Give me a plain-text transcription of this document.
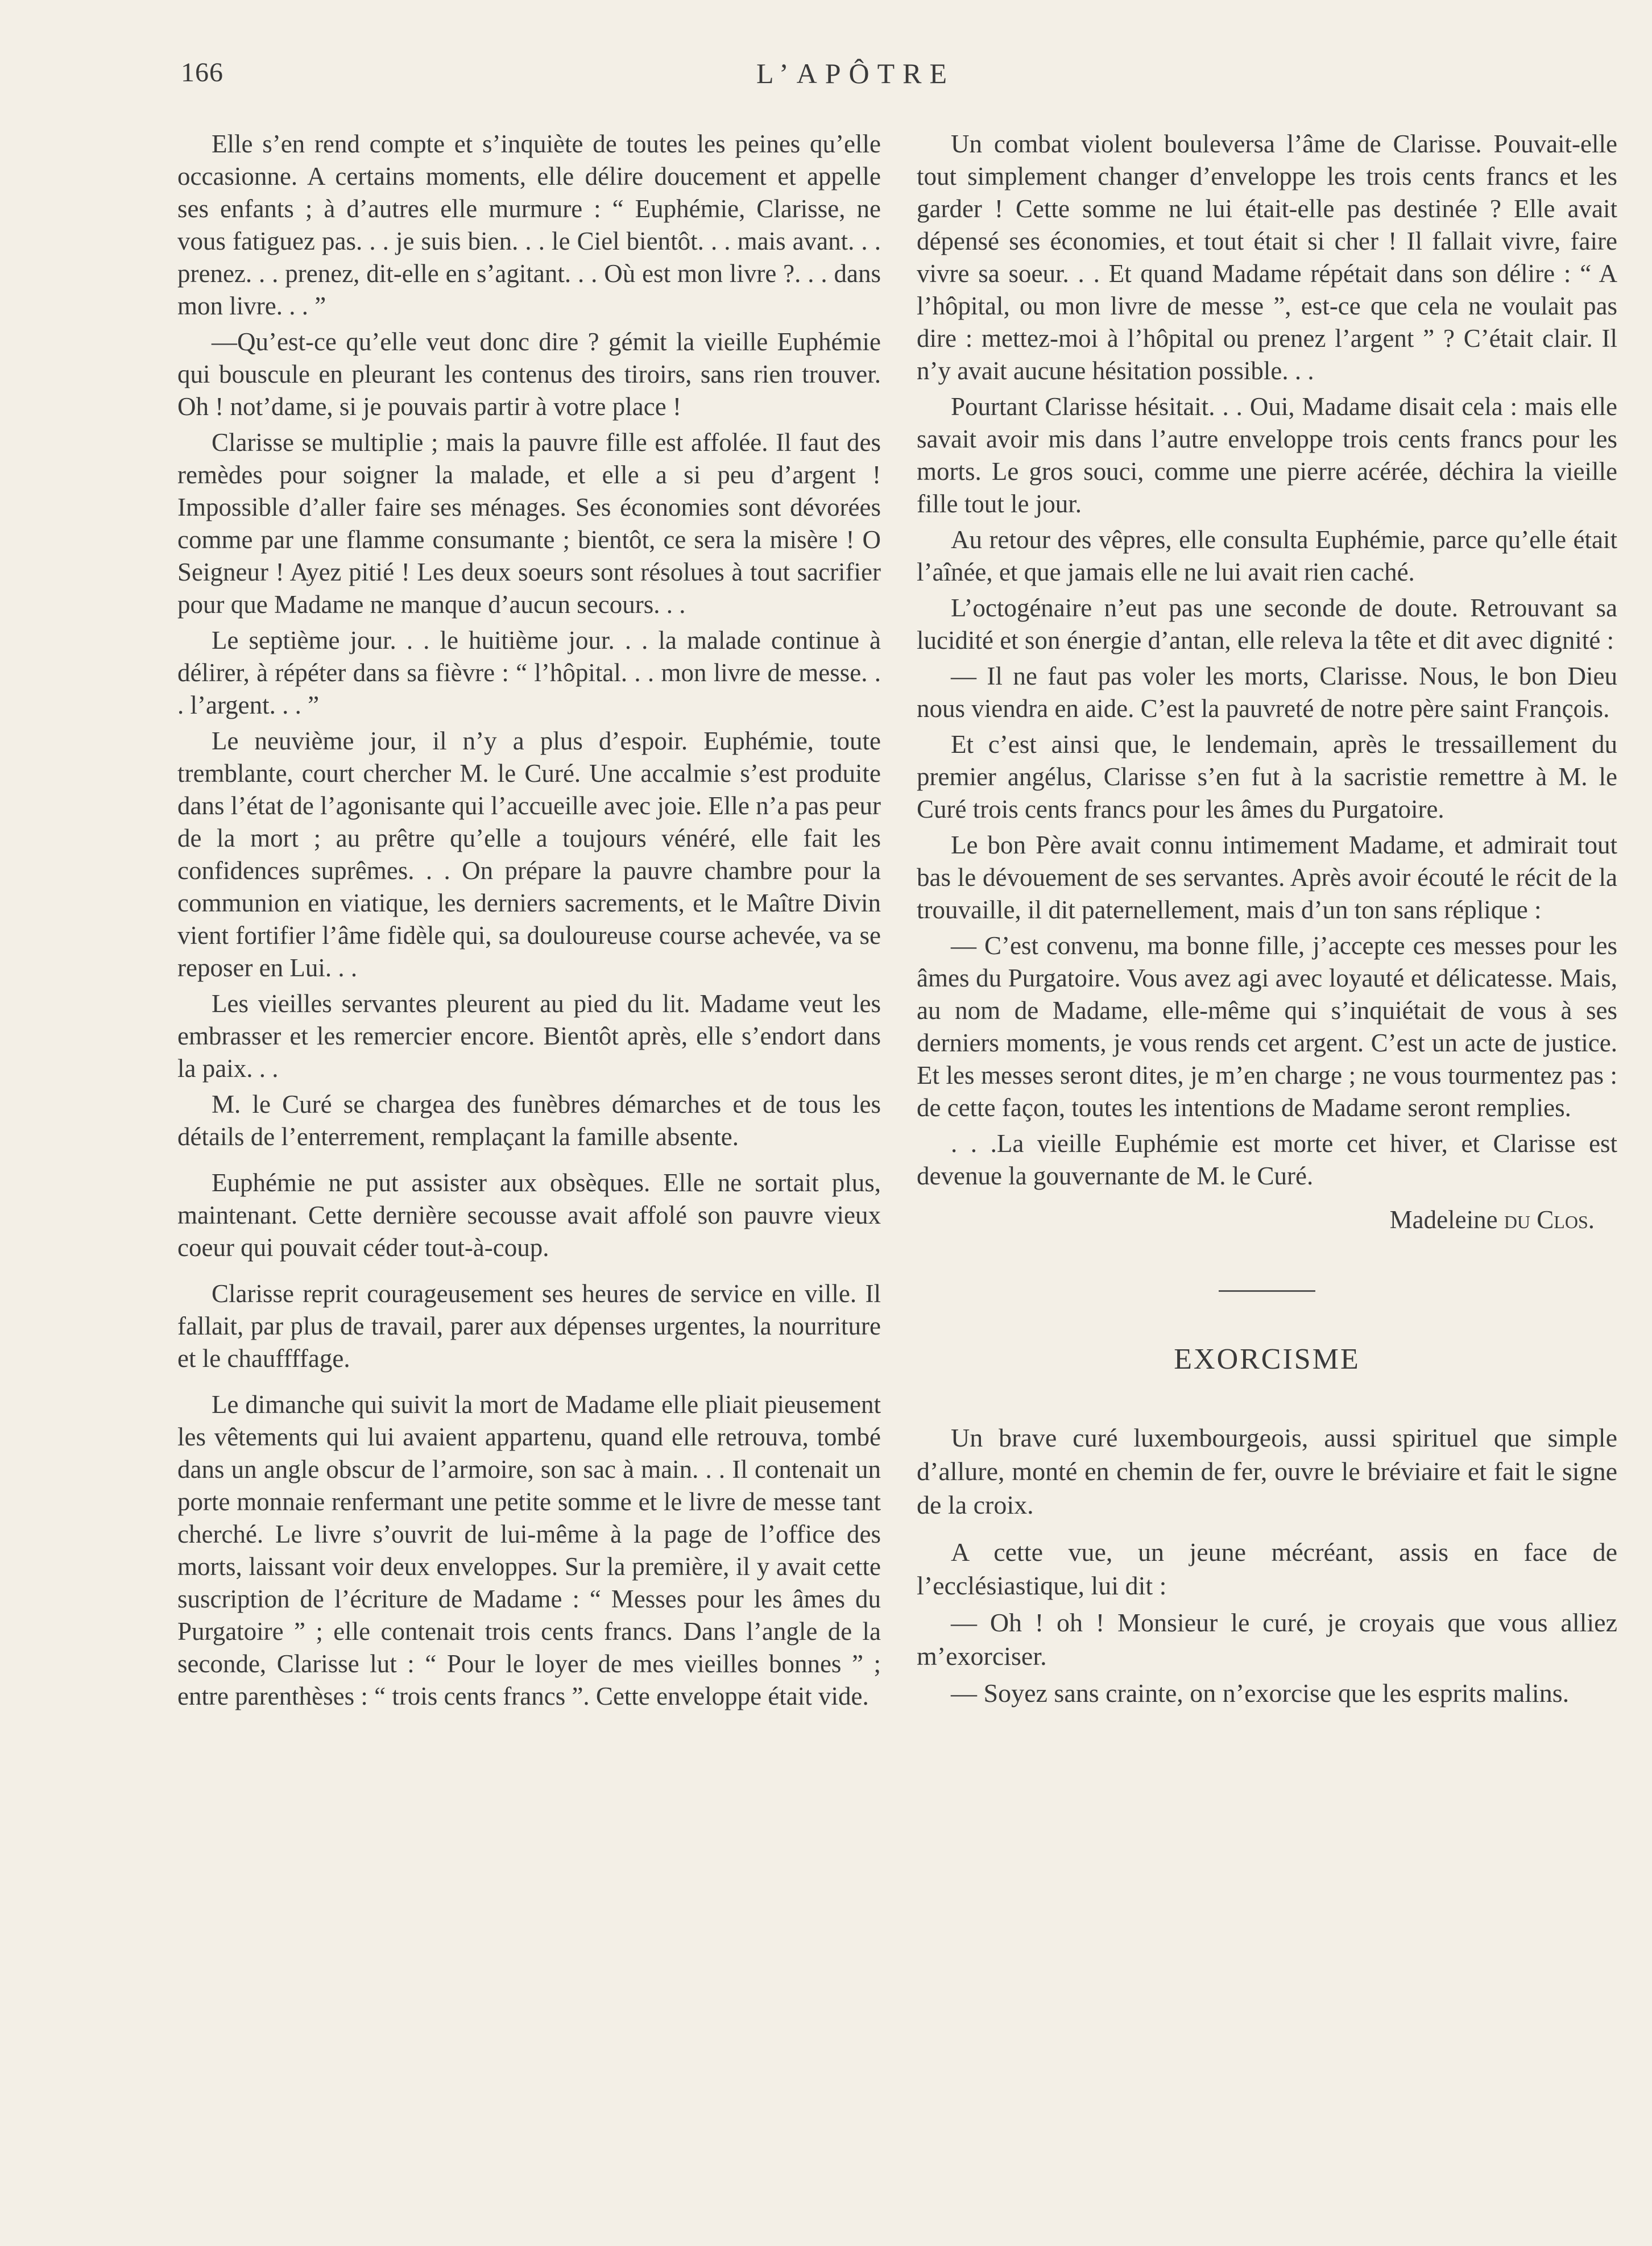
166	L’APÔTRE

Elle s’en rend compte et s’inquiète de toutes les peines qu’elle occasionne. A certains moments, elle délire doucement et appelle ses enfants ; à d’autres elle murmure : “ Euphémie, Clarisse, ne vous fatiguez pas. . . je suis bien. . . le Ciel bientôt. . . mais avant. . . prenez. . . prenez, dit-elle en s’agitant. . . Où est mon livre ?. . . dans mon livre. . . ”

—Qu’est-ce qu’elle veut donc dire ? gémit la vieille Euphémie qui bouscule en pleurant les contenus des tiroirs, sans rien trouver. Oh ! not’dame, si je pouvais partir à votre place !

Clarisse se multiplie ; mais la pauvre fille est affolée. Il faut des remèdes pour soigner la malade, et elle a si peu d’argent ! Impossible d’aller faire ses ménages. Ses économies sont dévorées comme par une flamme consumante ; bientôt, ce sera la misère ! O Seigneur ! Ayez pitié ! Les deux soeurs sont résolues à tout sacrifier pour que Madame ne manque d’aucun secours. . .

Le septième jour. . . le huitième jour. . . la malade continue à délirer, à répéter dans sa fièvre : “ l’hôpital. . . mon livre de messe. . . l’argent. . . ”

Le neuvième jour, il n’y a plus d’espoir. Euphémie, toute tremblante, court chercher M. le Curé. Une accalmie s’est produite dans l’état de l’agonisante qui l’accueille avec joie. Elle n’a pas peur de la mort ; au prêtre qu’elle a toujours vénéré, elle fait les confidences suprêmes. . . On prépare la pauvre chambre pour la communion en viatique, les derniers sacrements, et le Maître Divin vient fortifier l’âme fidèle qui, sa douloureuse course achevée, va se reposer en Lui. . .

Les vieilles servantes pleurent au pied du lit. Madame veut les embrasser et les remercier encore. Bientôt après, elle s’endort dans la paix. . .

M. le Curé se chargea des funèbres démarches et de tous les détails de l’enterrement, remplaçant la famille absente.

Euphémie ne put assister aux obsèques. Elle ne sortait plus, maintenant. Cette dernière secousse avait affolé son pauvre vieux coeur qui pouvait céder tout-à-coup.

Clarisse reprit courageusement ses heures de service en ville. Il fallait, par plus de travail, parer aux dépenses urgentes, la nourriture et le chauffffage.

Le dimanche qui suivit la mort de Madame elle pliait pieusement les vêtements qui lui avaient appartenu, quand elle retrouva, tombé dans un angle obscur de l’armoire, son sac à main. . . Il contenait un porte monnaie renfermant une petite somme et le livre de messe tant cherché. Le livre s’ouvrit de lui-même à la page de l’office des morts, laissant voir deux enveloppes. Sur la première, il y avait cette suscription de l’écriture de Madame : “ Messes pour les âmes du Purgatoire ” ; elle contenait trois cents francs. Dans l’angle de la seconde, Clarisse lut : “ Pour le loyer de mes vieilles bonnes ” ; entre parenthèses : “ trois cents francs ”. Cette enveloppe était vide.

Un combat violent bouleversa l’âme de Clarisse. Pouvait-elle tout simplement changer d’enveloppe les trois cents francs et les garder ! Cette somme ne lui était-elle pas destinée ? Elle avait dépensé ses économies, et tout était si cher ! Il fallait vivre, faire vivre sa soeur. . . Et quand Madame répétait dans son délire : “ A l’hôpital, ou mon livre de messe ”, est-ce que cela ne voulait pas dire : mettez-moi à l’hôpital ou prenez l’argent ” ? C’était clair. Il n’y avait aucune hésitation possible. . .

Pourtant Clarisse hésitait. . . Oui, Madame disait cela : mais elle savait avoir mis dans l’autre enveloppe trois cents francs pour les morts. Le gros souci, comme une pierre acérée, déchira la vieille fille tout le jour.

Au retour des vêpres, elle consulta Euphémie, parce qu’elle était l’aînée, et que jamais elle ne lui avait rien caché.

L’octogénaire n’eut pas une seconde de doute. Retrouvant sa lucidité et son énergie d’antan, elle releva la tête et dit avec dignité :

— Il ne faut pas voler les morts, Clarisse. Nous, le bon Dieu nous viendra en aide. C’est la pauvreté de notre père saint François.

Et c’est ainsi que, le lendemain, après le tressaillement du premier angélus, Clarisse s’en fut à la sacristie remettre à M. le Curé trois cents francs pour les âmes du Purgatoire.

Le bon Père avait connu intimement Madame, et admirait tout bas le dévouement de ses servantes. Après avoir écouté le récit de la trouvaille, il dit paternellement, mais d’un ton sans réplique :

— C’est convenu, ma bonne fille, j’accepte ces messes pour les âmes du Purgatoire. Vous avez agi avec loyauté et délicatesse. Mais, au nom de Madame, elle-même qui s’inquiétait de vous à ses derniers moments, je vous rends cet argent. C’est un acte de justice. Et les messes seront dites, je m’en charge ; ne vous tourmentez pas : de cette façon, toutes les intentions de Madame seront remplies.

. . .La vieille Euphémie est morte cet hiver, et Clarisse est devenue la gouvernante de M. le Curé.

Madeleine du Clos.
EXORCISME

Un brave curé luxembourgeois, aussi spirituel que simple d’allure, monté en chemin de fer, ouvre le bréviaire et fait le signe de la croix.

A cette vue, un jeune mécréant, assis en face de l’ecclésiastique, lui dit :

— Oh ! oh ! Monsieur le curé, je croyais que vous alliez m’exorciser.

— Soyez sans crainte, on n’exorcise que les esprits malins.
